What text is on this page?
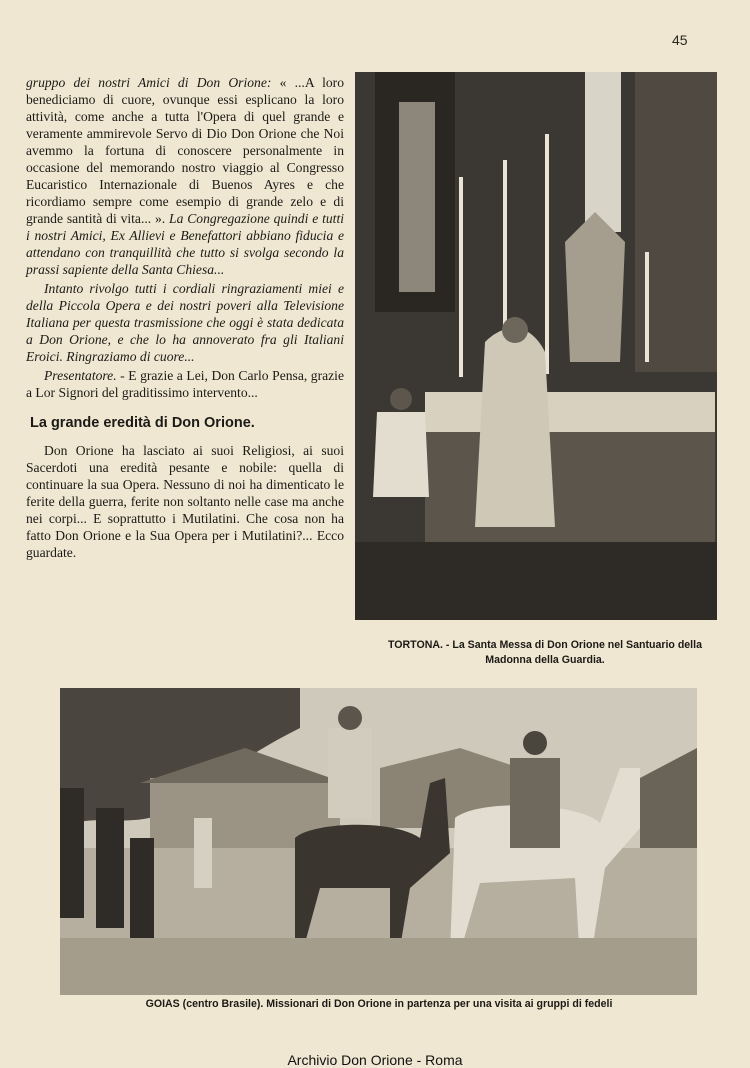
45

gruppo dei nostri Amici di Don Orione: « ...A loro benediciamo di cuore, ovunque essi esplicano la loro attività, come anche a tutta l'Opera di quel grande e veramente ammirevole Servo di Dio Don Orione che Noi avemmo la fortuna di conoscere personalmente in occasione del memorando nostro viaggio al Congresso Eucaristico Internazionale di Buenos Ayres e che ricordiamo sempre come esempio di grande zelo e di grande santità di vita... ». La Congregazione quindi e tutti i nostri Amici, Ex Allievi e Benefattori abbiano fiducia e attendano con tranquillità che tutto si svolga secondo la prassi sapiente della Santa Chiesa...

Intanto rivolgo tutti i cordiali ringraziamenti miei e della Piccola Opera e dei nostri poveri alla Televisione Italiana per questa trasmissione che oggi è stata dedicata a Don Orione, e che lo ha annoverato fra gli Italiani Eroici. Ringraziamo di cuore...

Presentatore. - E grazie a Lei, Don Carlo Pensa, grazie a Lor Signori del graditissimo intervento...

La grande eredità di Don Orione.

Don Orione ha lasciato ai suoi Religiosi, ai suoi Sacerdoti una eredità pesante e nobile: quella di continuare la sua Opera. Nessuno di noi ha dimenticato le ferite della guerra, ferite non soltanto nelle case ma anche nei corpi... E soprattutto i Mutilatini. Che cosa non ha fatto Don Orione e la Sua Opera per i Mutilatini?... Ecco guardate.

TORTONA. - La Santa Messa di Don Orione nel Santuario della Madonna della Guardia.
GOIAS (centro Brasile). Missionari di Don Orione in partenza per una visita ai gruppi di fedeli
Archivio Don Orione - Roma
